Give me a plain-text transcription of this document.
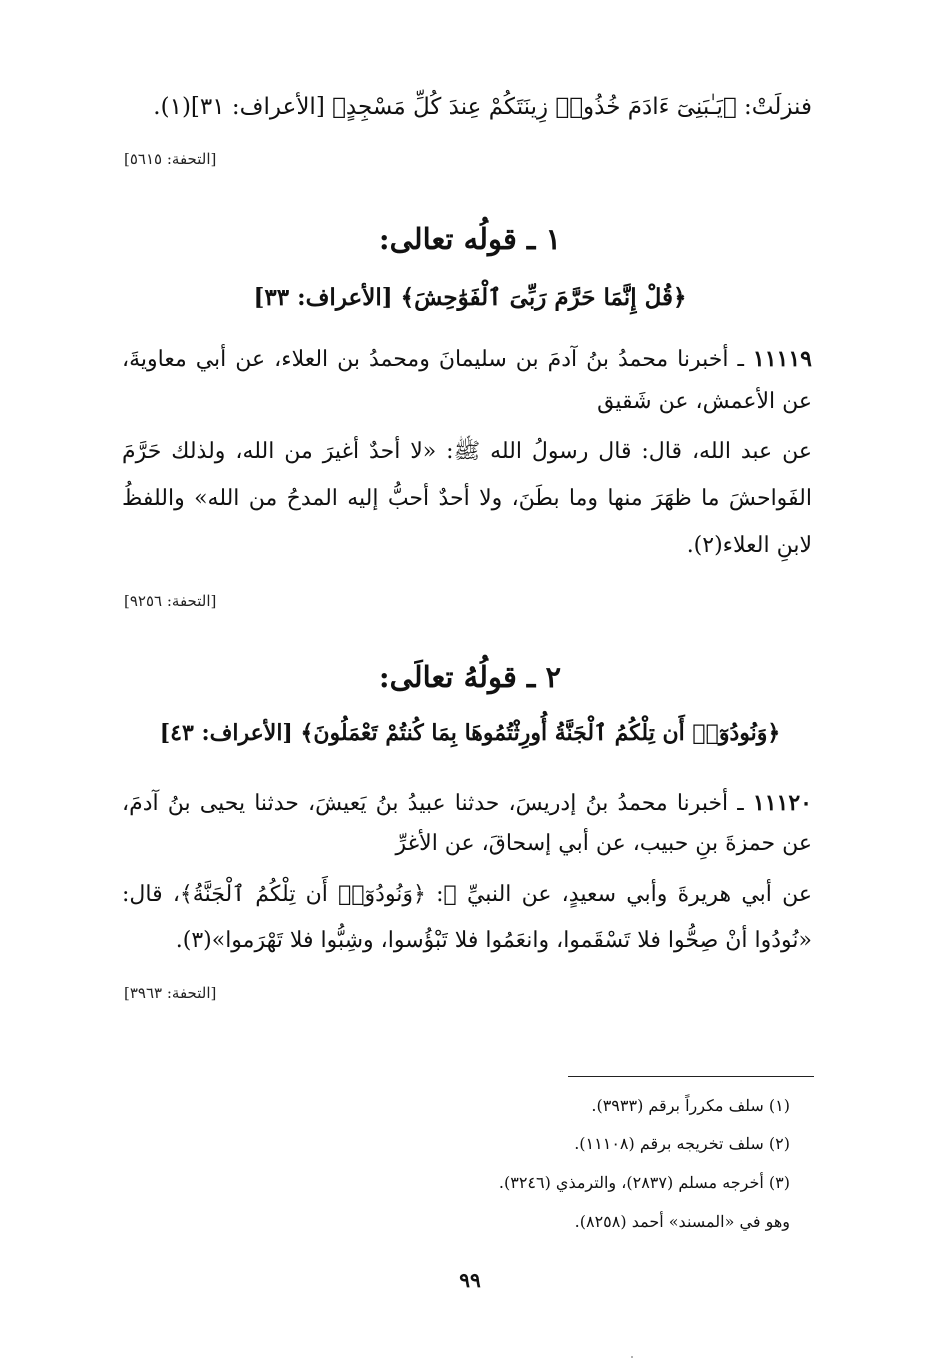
فنزلَتْ: ﴿يَـٰبَنِىٓ ءَادَمَ خُذُوا۟ زِينَتَكُمْ عِندَ كُلِّ مَسْجِدٍ﴾ [الأعراف: ٣١](١).
[التحفة: ٥٦١٥]
١ ـ قولُه تعالى:
﴿قُلْ إِنَّمَا حَرَّمَ رَبِّىَ ٱلْفَوَٰحِشَ﴾ [الأعراف: ٣٣]
١١١١٩ ـ أخبرنا محمدُ بنُ آدمَ بن سليمانَ ومحمدُ بن العلاء، عن أبي معاويةَ، عن الأعمش، عن شَقيق
عن عبد الله، قال: قال رسولُ الله ﷺ: «لا أحدٌ أغيرَ من الله، ولذلك حَرَّمَ الفَواحشَ ما ظهَرَ منها وما بطَنَ، ولا أحدٌ أحبُّ إليه المدحُ من الله» واللفظُ لابنِ العلاء(٢).
[التحفة: ٩٢٥٦]
٢ ـ قولُهُ تعالَى:
﴿وَنُودُوٓا۟ أَن تِلْكُمُ ٱلْجَنَّةُ أُورِثْتُمُوهَا بِمَا كُنتُمْ تَعْمَلُونَ﴾ [الأعراف: ٤٣]
١١١٢٠ ـ أخبرنا محمدُ بنُ إدريسَ، حدثنا عبيدُ بنُ يَعيشَ، حدثنا يحيى بنُ آدمَ، عن حمزةَ بنِ حبيب، عن أبي إسحاقَ، عن الأغرِّ
عن أبي هريرةَ وأبي سعيدٍ، عن النبيِّ ﷺ: ﴿وَنُودُوٓا۟ أَن تِلْكُمُ ٱلْجَنَّةُ﴾، قال: «نُودُوا أنْ صِحُّوا فلا تَسْقَموا، وانعَمُوا فلا تَبْؤُسوا، وشِبُّوا فلا تَهْرَموا»(٣).
[التحفة: ٣٩٦٣]
(١) سلف مكرراً برقم (٣٩٣٣).
(٢) سلف تخريجه برقم (١١١٠٨).
(٣) أخرجه مسلم (٢٨٣٧)، والترمذي (٣٢٤٦).
وهو في «المسند» أحمد (٨٢٥٨).
٩٩
